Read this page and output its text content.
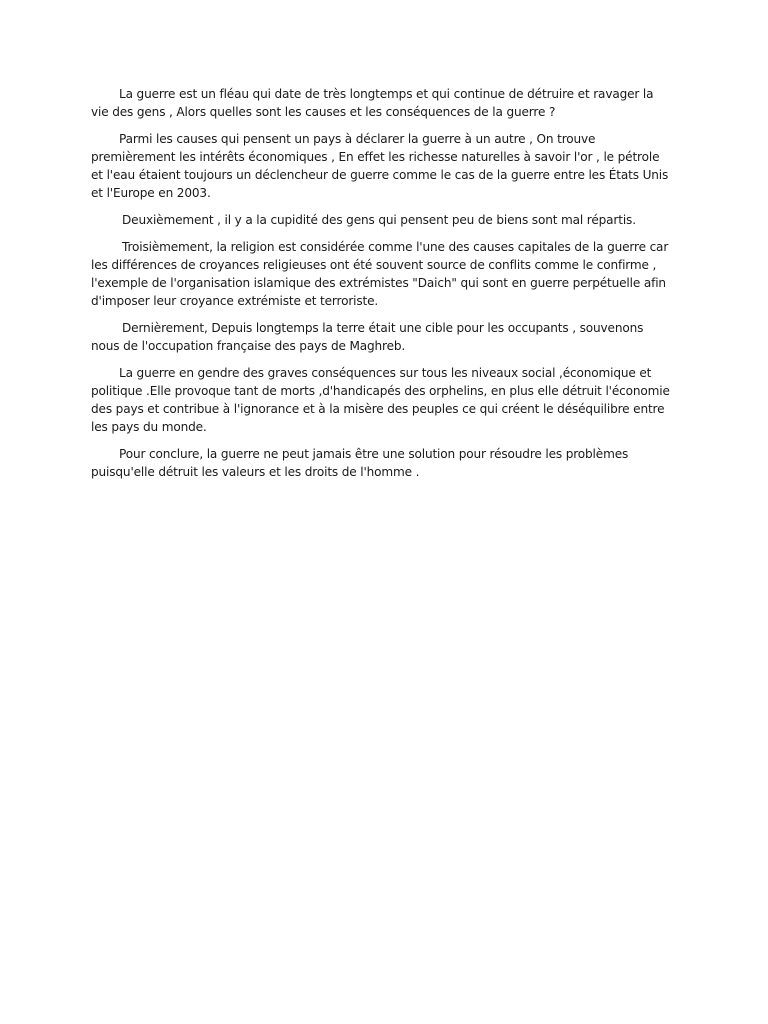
La guerre est un fléau qui date de très longtemps et qui continue de détruire et ravager la vie des gens , Alors quelles sont les causes et les conséquences de la guerre ?

Parmi les causes qui pensent un pays à déclarer la guerre à un autre , On trouve premièrement les intérêts économiques , En effet les richesse naturelles à savoir l'or , le pétrole et l'eau étaient toujours un déclencheur de guerre comme le cas de la guerre entre les États Unis et l'Europe en 2003.

Deuxièmement , il y a la cupidité des gens qui pensent peu de biens sont mal répartis.

Troisièmement, la religion est considérée comme l'une des causes capitales de la guerre car les différences de croyances religieuses ont été souvent source de conflits comme le confirme , l'exemple de l'organisation islamique des extrémistes "Daich" qui sont en guerre perpétuelle afin d'imposer leur croyance extrémiste et terroriste.

Dernièrement, Depuis longtemps la terre était une cible pour les occupants , souvenons nous de l'occupation française des pays de Maghreb.

La guerre en gendre des graves conséquences sur tous les niveaux social ,économique et politique .Elle provoque tant de morts ,d'handicapés des orphelins, en plus elle détruit l'économie des pays et contribue à l'ignorance et à la misère des peuples ce qui créent le déséquilibre entre les pays du monde.

Pour conclure, la guerre ne peut jamais être une solution pour résoudre les problèmes puisqu'elle détruit les valeurs et les droits de l'homme .
